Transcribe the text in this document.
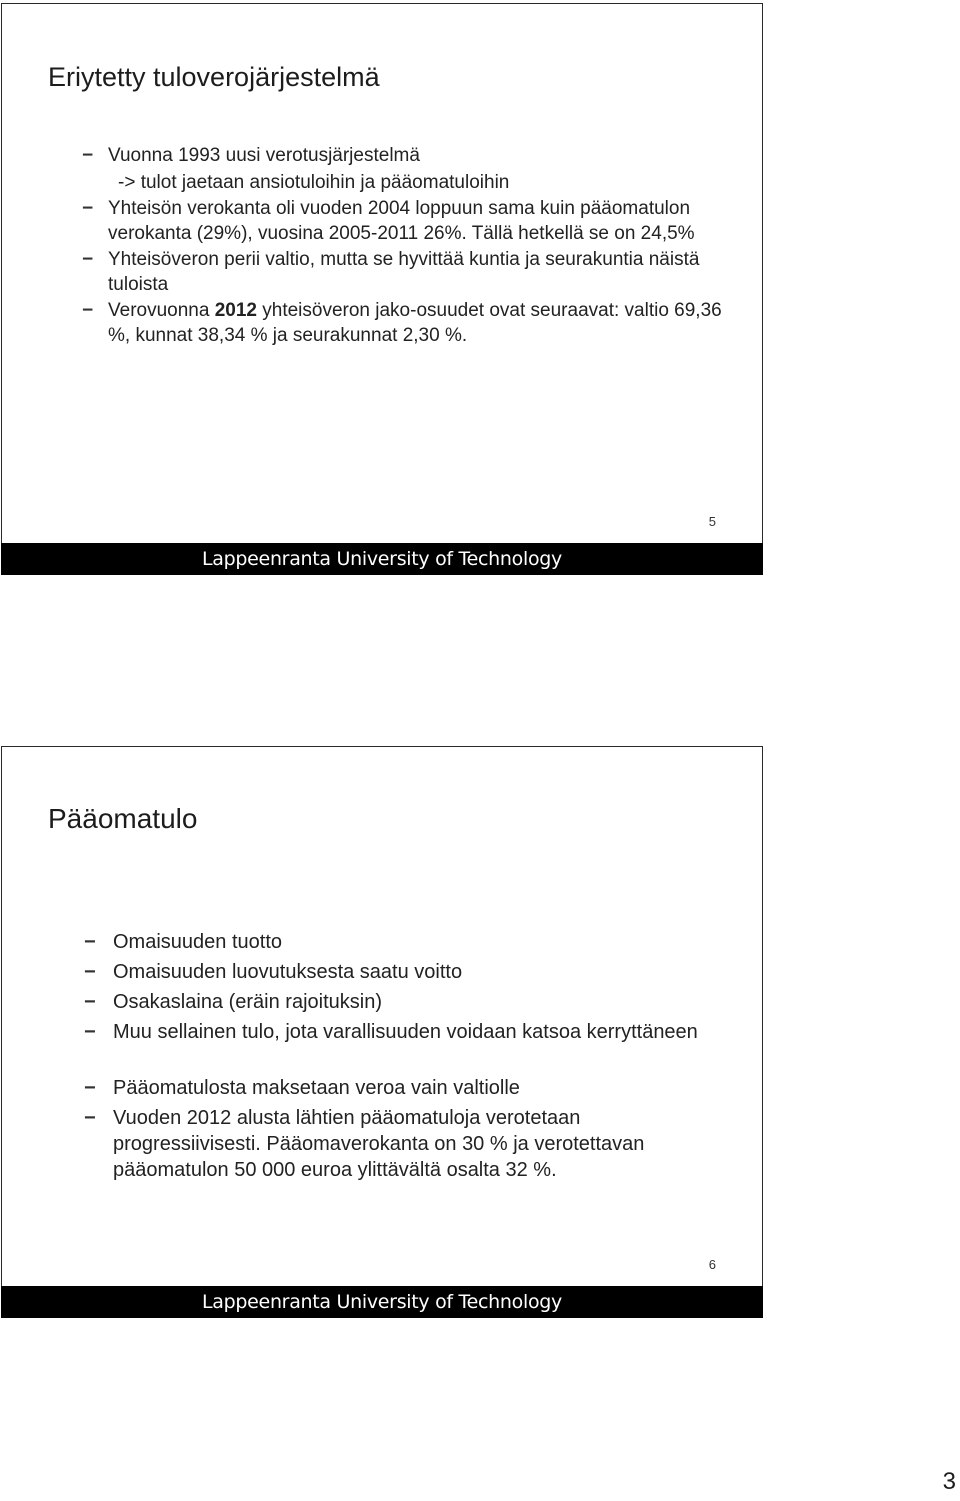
Eriytetty tuloverojärjestelmä
− Vuonna 1993 uusi verotusjärjestelmä
-> tulot jaetaan ansiotuloihin ja pääomatuloihin
− Yhteisön verokanta oli vuoden 2004 loppuun sama kuin pääomatulon verokanta (29%), vuosina 2005-2011 26%. Tällä hetkellä se on 24,5%
− Yhteisöveron perii valtio, mutta se hyvittää kuntia ja seurakuntia näistä tuloista
− Verovuonna 2012 yhteisöveron jako-osuudet ovat seuraavat: valtio 69,36 %, kunnat 38,34 % ja seurakunnat 2,30 %.
5
Lappeenranta University of Technology
Pääomatulo
− Omaisuuden tuotto
− Omaisuuden luovutuksesta saatu voitto
− Osakaslaina (eräin rajoituksin)
− Muu sellainen tulo, jota varallisuuden voidaan katsoa kerryttäneen
− Pääomatulosta maksetaan veroa vain valtiolle
− Vuoden 2012 alusta lähtien pääomatuloja verotetaan progressiivisesti. Pääomaverokanta on 30 % ja verotettavan pääomatulon 50 000 euroa ylittävältä osalta 32 %.
6
Lappeenranta University of Technology
3
